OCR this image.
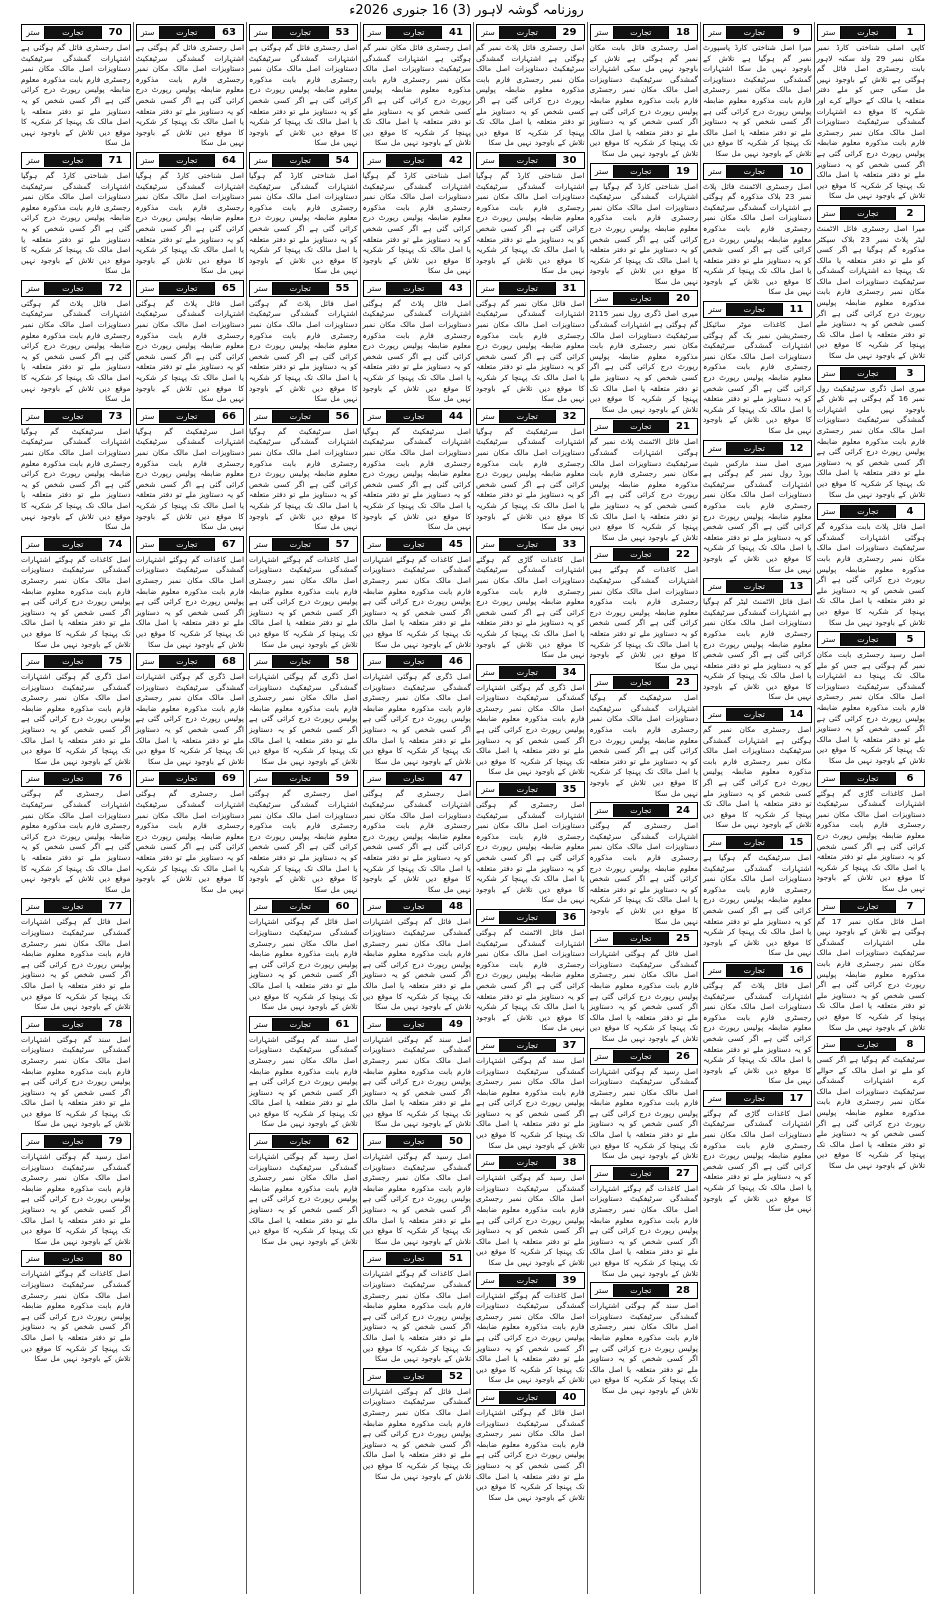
روزنامہ گوشہ لاہور (3) 16 جنوری 2026ء
1
تجارت
ستر
کاپی اصلی شناختی کارڈ نمبر مکان نمبر 29 ولد سکنہ لاہور بابت رجسٹری اصل فائل گم ہوگئی ہے تلاش کے باوجود نہیں مل سکی جس کو ملے دفتر متعلقہ یا مالک کے حوالے کرے اور شکریہ کا موقع دے اشتہارات گمشدگی سرٹیفکیٹ دستاویزات اصل مالک مکان نمبر رجسٹری فارم بابت مذکورہ معلوم ضابطہ پولیس رپورٹ درج کرائی گئی ہے اگر کسی شخص کو یہ دستاویز ملے تو دفتر متعلقہ یا اصل مالک تک پہنچا کر شکریہ کا موقع دیں تلاش کے باوجود نہیں مل سکا
2
تجارت
ستر
میرا اصل رجسٹری فائل الاٹمنٹ لیٹر پلاٹ نمبر 23 بلاک سیکٹر مذکورہ گم ہوگیا ہے اگر کسی کو ملے تو دفتر متعلقہ یا مالک تک پہنچا دے اشتہارات گمشدگی سرٹیفکیٹ دستاویزات اصل مالک مکان نمبر رجسٹری فارم بابت مذکورہ معلوم ضابطہ پولیس رپورٹ درج کرائی گئی ہے اگر کسی شخص کو یہ دستاویز ملے تو دفتر متعلقہ یا اصل مالک تک پہنچا کر شکریہ کا موقع دیں تلاش کے باوجود نہیں مل سکا
3
تجارت
ستر
میری اصل ڈگری سرٹیفکیٹ رول نمبر 16 گم ہوگئی ہے تلاش کے باوجود نہیں ملی اشتہارات گمشدگی سرٹیفکیٹ دستاویزات اصل مالک مکان نمبر رجسٹری فارم بابت مذکورہ معلوم ضابطہ پولیس رپورٹ درج کرائی گئی ہے اگر کسی شخص کو یہ دستاویز ملے تو دفتر متعلقہ یا اصل مالک تک پہنچا کر شکریہ کا موقع دیں تلاش کے باوجود نہیں مل سکا
4
تجارت
ستر
اصل فائل پلاٹ بابت مذکورہ گم ہوگئی اشتہارات گمشدگی سرٹیفکیٹ دستاویزات اصل مالک مکان نمبر رجسٹری فارم بابت مذکورہ معلوم ضابطہ پولیس رپورٹ درج کرائی گئی ہے اگر کسی شخص کو یہ دستاویز ملے تو دفتر متعلقہ یا اصل مالک تک پہنچا کر شکریہ کا موقع دیں تلاش کے باوجود نہیں مل سکا
5
تجارت
ستر
اصل رسید رجسٹری بابت مکان نمبر گم ہوگئی ہے جس کو ملے مالک تک پہنچا دے اشتہارات گمشدگی سرٹیفکیٹ دستاویزات اصل مالک مکان نمبر رجسٹری فارم بابت مذکورہ معلوم ضابطہ پولیس رپورٹ درج کرائی گئی ہے اگر کسی شخص کو یہ دستاویز ملے تو دفتر متعلقہ یا اصل مالک تک پہنچا کر شکریہ کا موقع دیں تلاش کے باوجود نہیں مل سکا
6
تجارت
ستر
اصل کاغذات گاڑی گم ہوگئے اشتہارات گمشدگی سرٹیفکیٹ دستاویزات اصل مالک مکان نمبر رجسٹری فارم بابت مذکورہ معلوم ضابطہ پولیس رپورٹ درج کرائی گئی ہے اگر کسی شخص کو یہ دستاویز ملے تو دفتر متعلقہ یا اصل مالک تک پہنچا کر شکریہ کا موقع دیں تلاش کے باوجود نہیں مل سکا
7
تجارت
ستر
اصل فائل مکان نمبر 17 گم ہوگئی ہے تلاش کے باوجود نہیں ملی اشتہارات گمشدگی سرٹیفکیٹ دستاویزات اصل مالک مکان نمبر رجسٹری فارم بابت مذکورہ معلوم ضابطہ پولیس رپورٹ درج کرائی گئی ہے اگر کسی شخص کو یہ دستاویز ملے تو دفتر متعلقہ یا اصل مالک تک پہنچا کر شکریہ کا موقع دیں تلاش کے باوجود نہیں مل سکا
8
تجارت
ستر
سرٹیفکیٹ گم ہوگیا ہے اگر کسی کو ملے تو اصل مالک کے حوالے کرے اشتہارات گمشدگی سرٹیفکیٹ دستاویزات اصل مالک مکان نمبر رجسٹری فارم بابت مذکورہ معلوم ضابطہ پولیس رپورٹ درج کرائی گئی ہے اگر کسی شخص کو یہ دستاویز ملے تو دفتر متعلقہ یا اصل مالک تک پہنچا کر شکریہ کا موقع دیں تلاش کے باوجود نہیں مل سکا
9
تجارت
ستر
میرا اصل شناختی کارڈ پاسپورٹ نمبر گم ہوگیا ہے تلاش کے باوجود نہیں مل سکا اشتہارات گمشدگی سرٹیفکیٹ دستاویزات اصل مالک مکان نمبر رجسٹری فارم بابت مذکورہ معلوم ضابطہ پولیس رپورٹ درج کرائی گئی ہے اگر کسی شخص کو یہ دستاویز ملے تو دفتر متعلقہ یا اصل مالک تک پہنچا کر شکریہ کا موقع دیں تلاش کے باوجود نہیں مل سکا
10
تجارت
ستر
اصل رجسٹری الاٹمنٹ فائل پلاٹ نمبر 23 بلاک مذکورہ گم ہوگئی ہے اشتہارات گمشدگی سرٹیفکیٹ دستاویزات اصل مالک مکان نمبر رجسٹری فارم بابت مذکورہ معلوم ضابطہ پولیس رپورٹ درج کرائی گئی ہے اگر کسی شخص کو یہ دستاویز ملے تو دفتر متعلقہ یا اصل مالک تک پہنچا کر شکریہ کا موقع دیں تلاش کے باوجود نہیں مل سکا
11
تجارت
ستر
اصل کاغذات موٹر سائیکل رجسٹریشن نمبر بک گم ہوگئی اشتہارات گمشدگی سرٹیفکیٹ دستاویزات اصل مالک مکان نمبر رجسٹری فارم بابت مذکورہ معلوم ضابطہ پولیس رپورٹ درج کرائی گئی ہے اگر کسی شخص کو یہ دستاویز ملے تو دفتر متعلقہ یا اصل مالک تک پہنچا کر شکریہ کا موقع دیں تلاش کے باوجود نہیں مل سکا
12
تجارت
ستر
میری اصل سند مارکس شیٹ بورڈ رول نمبر گم ہوگئی ہے اشتہارات گمشدگی سرٹیفکیٹ دستاویزات اصل مالک مکان نمبر رجسٹری فارم بابت مذکورہ معلوم ضابطہ پولیس رپورٹ درج کرائی گئی ہے اگر کسی شخص کو یہ دستاویز ملے تو دفتر متعلقہ یا اصل مالک تک پہنچا کر شکریہ کا موقع دیں تلاش کے باوجود نہیں مل سکا
13
تجارت
ستر
اصل فائل الاٹمنٹ لیٹر گم ہوگیا ہے اشتہارات گمشدگی سرٹیفکیٹ دستاویزات اصل مالک مکان نمبر رجسٹری فارم بابت مذکورہ معلوم ضابطہ پولیس رپورٹ درج کرائی گئی ہے اگر کسی شخص کو یہ دستاویز ملے تو دفتر متعلقہ یا اصل مالک تک پہنچا کر شکریہ کا موقع دیں تلاش کے باوجود نہیں مل سکا
14
تجارت
ستر
اصل رجسٹری مکان نمبر گم ہوگئی ہے اشتہارات گمشدگی سرٹیفکیٹ دستاویزات اصل مالک مکان نمبر رجسٹری فارم بابت مذکورہ معلوم ضابطہ پولیس رپورٹ درج کرائی گئی ہے اگر کسی شخص کو یہ دستاویز ملے تو دفتر متعلقہ یا اصل مالک تک پہنچا کر شکریہ کا موقع دیں تلاش کے باوجود نہیں مل سکا
15
تجارت
ستر
اصل سرٹیفکیٹ گم ہوگیا ہے اشتہارات گمشدگی سرٹیفکیٹ دستاویزات اصل مالک مکان نمبر رجسٹری فارم بابت مذکورہ معلوم ضابطہ پولیس رپورٹ درج کرائی گئی ہے اگر کسی شخص کو یہ دستاویز ملے تو دفتر متعلقہ یا اصل مالک تک پہنچا کر شکریہ کا موقع دیں تلاش کے باوجود نہیں مل سکا
16
تجارت
ستر
اصل فائل پلاٹ گم ہوگئی اشتہارات گمشدگی سرٹیفکیٹ دستاویزات اصل مالک مکان نمبر رجسٹری فارم بابت مذکورہ معلوم ضابطہ پولیس رپورٹ درج کرائی گئی ہے اگر کسی شخص کو یہ دستاویز ملے تو دفتر متعلقہ یا اصل مالک تک پہنچا کر شکریہ کا موقع دیں تلاش کے باوجود نہیں مل سکا
17
تجارت
ستر
اصل کاغذات گاڑی گم ہوگئے اشتہارات گمشدگی سرٹیفکیٹ دستاویزات اصل مالک مکان نمبر رجسٹری فارم بابت مذکورہ معلوم ضابطہ پولیس رپورٹ درج کرائی گئی ہے اگر کسی شخص کو یہ دستاویز ملے تو دفتر متعلقہ یا اصل مالک تک پہنچا کر شکریہ کا موقع دیں تلاش کے باوجود نہیں مل سکا
18
تجارت
ستر
اصل رجسٹری فائل بابت مکان نمبر گم ہوگئی ہے تلاش کے باوجود نہیں مل سکی اشتہارات گمشدگی سرٹیفکیٹ دستاویزات اصل مالک مکان نمبر رجسٹری فارم بابت مذکورہ معلوم ضابطہ پولیس رپورٹ درج کرائی گئی ہے اگر کسی شخص کو یہ دستاویز ملے تو دفتر متعلقہ یا اصل مالک تک پہنچا کر شکریہ کا موقع دیں تلاش کے باوجود نہیں مل سکا
19
تجارت
ستر
اصل شناختی کارڈ گم ہوگیا ہے اشتہارات گمشدگی سرٹیفکیٹ دستاویزات اصل مالک مکان نمبر رجسٹری فارم بابت مذکورہ معلوم ضابطہ پولیس رپورٹ درج کرائی گئی ہے اگر کسی شخص کو یہ دستاویز ملے تو دفتر متعلقہ یا اصل مالک تک پہنچا کر شکریہ کا موقع دیں تلاش کے باوجود نہیں مل سکا
20
تجارت
ستر
میری اصل ڈگری رول نمبر 2115 گم ہوگئی ہے اشتہارات گمشدگی سرٹیفکیٹ دستاویزات اصل مالک مکان نمبر رجسٹری فارم بابت مذکورہ معلوم ضابطہ پولیس رپورٹ درج کرائی گئی ہے اگر کسی شخص کو یہ دستاویز ملے تو دفتر متعلقہ یا اصل مالک تک پہنچا کر شکریہ کا موقع دیں تلاش کے باوجود نہیں مل سکا
21
تجارت
ستر
اصل فائل الاٹمنٹ پلاٹ نمبر گم ہوگئی اشتہارات گمشدگی سرٹیفکیٹ دستاویزات اصل مالک مکان نمبر رجسٹری فارم بابت مذکورہ معلوم ضابطہ پولیس رپورٹ درج کرائی گئی ہے اگر کسی شخص کو یہ دستاویز ملے تو دفتر متعلقہ یا اصل مالک تک پہنچا کر شکریہ کا موقع دیں تلاش کے باوجود نہیں مل سکا
22
تجارت
ستر
اصل کاغذات گم ہوگئے ہیں اشتہارات گمشدگی سرٹیفکیٹ دستاویزات اصل مالک مکان نمبر رجسٹری فارم بابت مذکورہ معلوم ضابطہ پولیس رپورٹ درج کرائی گئی ہے اگر کسی شخص کو یہ دستاویز ملے تو دفتر متعلقہ یا اصل مالک تک پہنچا کر شکریہ کا موقع دیں تلاش کے باوجود نہیں مل سکا
23
تجارت
ستر
اصل سرٹیفکیٹ گم ہوگیا اشتہارات گمشدگی سرٹیفکیٹ دستاویزات اصل مالک مکان نمبر رجسٹری فارم بابت مذکورہ معلوم ضابطہ پولیس رپورٹ درج کرائی گئی ہے اگر کسی شخص کو یہ دستاویز ملے تو دفتر متعلقہ یا اصل مالک تک پہنچا کر شکریہ کا موقع دیں تلاش کے باوجود نہیں مل سکا
24
تجارت
ستر
اصل رجسٹری گم ہوگئی اشتہارات گمشدگی سرٹیفکیٹ دستاویزات اصل مالک مکان نمبر رجسٹری فارم بابت مذکورہ معلوم ضابطہ پولیس رپورٹ درج کرائی گئی ہے اگر کسی شخص کو یہ دستاویز ملے تو دفتر متعلقہ یا اصل مالک تک پہنچا کر شکریہ کا موقع دیں تلاش کے باوجود نہیں مل سکا
25
تجارت
ستر
اصل فائل گم ہوگئی اشتہارات گمشدگی سرٹیفکیٹ دستاویزات اصل مالک مکان نمبر رجسٹری فارم بابت مذکورہ معلوم ضابطہ پولیس رپورٹ درج کرائی گئی ہے اگر کسی شخص کو یہ دستاویز ملے تو دفتر متعلقہ یا اصل مالک تک پہنچا کر شکریہ کا موقع دیں تلاش کے باوجود نہیں مل سکا
26
تجارت
ستر
اصل رسید گم ہوگئی اشتہارات گمشدگی سرٹیفکیٹ دستاویزات اصل مالک مکان نمبر رجسٹری فارم بابت مذکورہ معلوم ضابطہ پولیس رپورٹ درج کرائی گئی ہے اگر کسی شخص کو یہ دستاویز ملے تو دفتر متعلقہ یا اصل مالک تک پہنچا کر شکریہ کا موقع دیں تلاش کے باوجود نہیں مل سکا
27
تجارت
ستر
اصل کاغذات گم ہوگئے اشتہارات گمشدگی سرٹیفکیٹ دستاویزات اصل مالک مکان نمبر رجسٹری فارم بابت مذکورہ معلوم ضابطہ پولیس رپورٹ درج کرائی گئی ہے اگر کسی شخص کو یہ دستاویز ملے تو دفتر متعلقہ یا اصل مالک تک پہنچا کر شکریہ کا موقع دیں تلاش کے باوجود نہیں مل سکا
28
تجارت
ستر
اصل سند گم ہوگئی اشتہارات گمشدگی سرٹیفکیٹ دستاویزات اصل مالک مکان نمبر رجسٹری فارم بابت مذکورہ معلوم ضابطہ پولیس رپورٹ درج کرائی گئی ہے اگر کسی شخص کو یہ دستاویز ملے تو دفتر متعلقہ یا اصل مالک تک پہنچا کر شکریہ کا موقع دیں تلاش کے باوجود نہیں مل سکا
29
تجارت
ستر
اصل رجسٹری فائل پلاٹ نمبر گم ہوگئی ہے اشتہارات گمشدگی سرٹیفکیٹ دستاویزات اصل مالک مکان نمبر رجسٹری فارم بابت مذکورہ معلوم ضابطہ پولیس رپورٹ درج کرائی گئی ہے اگر کسی شخص کو یہ دستاویز ملے تو دفتر متعلقہ یا اصل مالک تک پہنچا کر شکریہ کا موقع دیں تلاش کے باوجود نہیں مل سکا
30
تجارت
ستر
اصل شناختی کارڈ گم ہوگیا اشتہارات گمشدگی سرٹیفکیٹ دستاویزات اصل مالک مکان نمبر رجسٹری فارم بابت مذکورہ معلوم ضابطہ پولیس رپورٹ درج کرائی گئی ہے اگر کسی شخص کو یہ دستاویز ملے تو دفتر متعلقہ یا اصل مالک تک پہنچا کر شکریہ کا موقع دیں تلاش کے باوجود نہیں مل سکا
31
تجارت
ستر
اصل فائل مکان نمبر گم ہوگئی اشتہارات گمشدگی سرٹیفکیٹ دستاویزات اصل مالک مکان نمبر رجسٹری فارم بابت مذکورہ معلوم ضابطہ پولیس رپورٹ درج کرائی گئی ہے اگر کسی شخص کو یہ دستاویز ملے تو دفتر متعلقہ یا اصل مالک تک پہنچا کر شکریہ کا موقع دیں تلاش کے باوجود نہیں مل سکا
32
تجارت
ستر
اصل سرٹیفکیٹ گم ہوگیا اشتہارات گمشدگی سرٹیفکیٹ دستاویزات اصل مالک مکان نمبر رجسٹری فارم بابت مذکورہ معلوم ضابطہ پولیس رپورٹ درج کرائی گئی ہے اگر کسی شخص کو یہ دستاویز ملے تو دفتر متعلقہ یا اصل مالک تک پہنچا کر شکریہ کا موقع دیں تلاش کے باوجود نہیں مل سکا
33
تجارت
ستر
اصل کاغذات گاڑی گم ہوگئے اشتہارات گمشدگی سرٹیفکیٹ دستاویزات اصل مالک مکان نمبر رجسٹری فارم بابت مذکورہ معلوم ضابطہ پولیس رپورٹ درج کرائی گئی ہے اگر کسی شخص کو یہ دستاویز ملے تو دفتر متعلقہ یا اصل مالک تک پہنچا کر شکریہ کا موقع دیں تلاش کے باوجود نہیں مل سکا
34
تجارت
ستر
اصل ڈگری گم ہوگئی اشتہارات گمشدگی سرٹیفکیٹ دستاویزات اصل مالک مکان نمبر رجسٹری فارم بابت مذکورہ معلوم ضابطہ پولیس رپورٹ درج کرائی گئی ہے اگر کسی شخص کو یہ دستاویز ملے تو دفتر متعلقہ یا اصل مالک تک پہنچا کر شکریہ کا موقع دیں تلاش کے باوجود نہیں مل سکا
35
تجارت
ستر
اصل رجسٹری گم ہوگئی اشتہارات گمشدگی سرٹیفکیٹ دستاویزات اصل مالک مکان نمبر رجسٹری فارم بابت مذکورہ معلوم ضابطہ پولیس رپورٹ درج کرائی گئی ہے اگر کسی شخص کو یہ دستاویز ملے تو دفتر متعلقہ یا اصل مالک تک پہنچا کر شکریہ کا موقع دیں تلاش کے باوجود نہیں مل سکا
36
تجارت
ستر
اصل فائل الاٹمنٹ گم ہوگئی اشتہارات گمشدگی سرٹیفکیٹ دستاویزات اصل مالک مکان نمبر رجسٹری فارم بابت مذکورہ معلوم ضابطہ پولیس رپورٹ درج کرائی گئی ہے اگر کسی شخص کو یہ دستاویز ملے تو دفتر متعلقہ یا اصل مالک تک پہنچا کر شکریہ کا موقع دیں تلاش کے باوجود نہیں مل سکا
37
تجارت
ستر
اصل سند گم ہوگئی اشتہارات گمشدگی سرٹیفکیٹ دستاویزات اصل مالک مکان نمبر رجسٹری فارم بابت مذکورہ معلوم ضابطہ پولیس رپورٹ درج کرائی گئی ہے اگر کسی شخص کو یہ دستاویز ملے تو دفتر متعلقہ یا اصل مالک تک پہنچا کر شکریہ کا موقع دیں تلاش کے باوجود نہیں مل سکا
38
تجارت
ستر
اصل رسید گم ہوگئی اشتہارات گمشدگی سرٹیفکیٹ دستاویزات اصل مالک مکان نمبر رجسٹری فارم بابت مذکورہ معلوم ضابطہ پولیس رپورٹ درج کرائی گئی ہے اگر کسی شخص کو یہ دستاویز ملے تو دفتر متعلقہ یا اصل مالک تک پہنچا کر شکریہ کا موقع دیں تلاش کے باوجود نہیں مل سکا
39
تجارت
ستر
اصل کاغذات گم ہوگئے اشتہارات گمشدگی سرٹیفکیٹ دستاویزات اصل مالک مکان نمبر رجسٹری فارم بابت مذکورہ معلوم ضابطہ پولیس رپورٹ درج کرائی گئی ہے اگر کسی شخص کو یہ دستاویز ملے تو دفتر متعلقہ یا اصل مالک تک پہنچا کر شکریہ کا موقع دیں تلاش کے باوجود نہیں مل سکا
40
تجارت
ستر
اصل فائل گم ہوگئی اشتہارات گمشدگی سرٹیفکیٹ دستاویزات اصل مالک مکان نمبر رجسٹری فارم بابت مذکورہ معلوم ضابطہ پولیس رپورٹ درج کرائی گئی ہے اگر کسی شخص کو یہ دستاویز ملے تو دفتر متعلقہ یا اصل مالک تک پہنچا کر شکریہ کا موقع دیں تلاش کے باوجود نہیں مل سکا
41
تجارت
ستر
اصل رجسٹری فائل مکان نمبر گم ہوگئی ہے اشتہارات گمشدگی سرٹیفکیٹ دستاویزات اصل مالک مکان نمبر رجسٹری فارم بابت مذکورہ معلوم ضابطہ پولیس رپورٹ درج کرائی گئی ہے اگر کسی شخص کو یہ دستاویز ملے تو دفتر متعلقہ یا اصل مالک تک پہنچا کر شکریہ کا موقع دیں تلاش کے باوجود نہیں مل سکا
42
تجارت
ستر
اصل شناختی کارڈ گم ہوگیا اشتہارات گمشدگی سرٹیفکیٹ دستاویزات اصل مالک مکان نمبر رجسٹری فارم بابت مذکورہ معلوم ضابطہ پولیس رپورٹ درج کرائی گئی ہے اگر کسی شخص کو یہ دستاویز ملے تو دفتر متعلقہ یا اصل مالک تک پہنچا کر شکریہ کا موقع دیں تلاش کے باوجود نہیں مل سکا
43
تجارت
ستر
اصل فائل پلاٹ گم ہوگئی اشتہارات گمشدگی سرٹیفکیٹ دستاویزات اصل مالک مکان نمبر رجسٹری فارم بابت مذکورہ معلوم ضابطہ پولیس رپورٹ درج کرائی گئی ہے اگر کسی شخص کو یہ دستاویز ملے تو دفتر متعلقہ یا اصل مالک تک پہنچا کر شکریہ کا موقع دیں تلاش کے باوجود نہیں مل سکا
44
تجارت
ستر
اصل سرٹیفکیٹ گم ہوگیا اشتہارات گمشدگی سرٹیفکیٹ دستاویزات اصل مالک مکان نمبر رجسٹری فارم بابت مذکورہ معلوم ضابطہ پولیس رپورٹ درج کرائی گئی ہے اگر کسی شخص کو یہ دستاویز ملے تو دفتر متعلقہ یا اصل مالک تک پہنچا کر شکریہ کا موقع دیں تلاش کے باوجود نہیں مل سکا
45
تجارت
ستر
اصل کاغذات گم ہوگئے اشتہارات گمشدگی سرٹیفکیٹ دستاویزات اصل مالک مکان نمبر رجسٹری فارم بابت مذکورہ معلوم ضابطہ پولیس رپورٹ درج کرائی گئی ہے اگر کسی شخص کو یہ دستاویز ملے تو دفتر متعلقہ یا اصل مالک تک پہنچا کر شکریہ کا موقع دیں تلاش کے باوجود نہیں مل سکا
46
تجارت
ستر
اصل ڈگری گم ہوگئی اشتہارات گمشدگی سرٹیفکیٹ دستاویزات اصل مالک مکان نمبر رجسٹری فارم بابت مذکورہ معلوم ضابطہ پولیس رپورٹ درج کرائی گئی ہے اگر کسی شخص کو یہ دستاویز ملے تو دفتر متعلقہ یا اصل مالک تک پہنچا کر شکریہ کا موقع دیں تلاش کے باوجود نہیں مل سکا
47
تجارت
ستر
اصل رجسٹری گم ہوگئی اشتہارات گمشدگی سرٹیفکیٹ دستاویزات اصل مالک مکان نمبر رجسٹری فارم بابت مذکورہ معلوم ضابطہ پولیس رپورٹ درج کرائی گئی ہے اگر کسی شخص کو یہ دستاویز ملے تو دفتر متعلقہ یا اصل مالک تک پہنچا کر شکریہ کا موقع دیں تلاش کے باوجود نہیں مل سکا
48
تجارت
ستر
اصل فائل گم ہوگئی اشتہارات گمشدگی سرٹیفکیٹ دستاویزات اصل مالک مکان نمبر رجسٹری فارم بابت مذکورہ معلوم ضابطہ پولیس رپورٹ درج کرائی گئی ہے اگر کسی شخص کو یہ دستاویز ملے تو دفتر متعلقہ یا اصل مالک تک پہنچا کر شکریہ کا موقع دیں تلاش کے باوجود نہیں مل سکا
49
تجارت
ستر
اصل سند گم ہوگئی اشتہارات گمشدگی سرٹیفکیٹ دستاویزات اصل مالک مکان نمبر رجسٹری فارم بابت مذکورہ معلوم ضابطہ پولیس رپورٹ درج کرائی گئی ہے اگر کسی شخص کو یہ دستاویز ملے تو دفتر متعلقہ یا اصل مالک تک پہنچا کر شکریہ کا موقع دیں تلاش کے باوجود نہیں مل سکا
50
تجارت
ستر
اصل رسید گم ہوگئی اشتہارات گمشدگی سرٹیفکیٹ دستاویزات اصل مالک مکان نمبر رجسٹری فارم بابت مذکورہ معلوم ضابطہ پولیس رپورٹ درج کرائی گئی ہے اگر کسی شخص کو یہ دستاویز ملے تو دفتر متعلقہ یا اصل مالک تک پہنچا کر شکریہ کا موقع دیں تلاش کے باوجود نہیں مل سکا
51
تجارت
ستر
اصل کاغذات گم ہوگئے اشتہارات گمشدگی سرٹیفکیٹ دستاویزات اصل مالک مکان نمبر رجسٹری فارم بابت مذکورہ معلوم ضابطہ پولیس رپورٹ درج کرائی گئی ہے اگر کسی شخص کو یہ دستاویز ملے تو دفتر متعلقہ یا اصل مالک تک پہنچا کر شکریہ کا موقع دیں تلاش کے باوجود نہیں مل سکا
52
تجارت
ستر
اصل فائل گم ہوگئی اشتہارات گمشدگی سرٹیفکیٹ دستاویزات اصل مالک مکان نمبر رجسٹری فارم بابت مذکورہ معلوم ضابطہ پولیس رپورٹ درج کرائی گئی ہے اگر کسی شخص کو یہ دستاویز ملے تو دفتر متعلقہ یا اصل مالک تک پہنچا کر شکریہ کا موقع دیں تلاش کے باوجود نہیں مل سکا
53
تجارت
ستر
اصل رجسٹری فائل گم ہوگئی ہے اشتہارات گمشدگی سرٹیفکیٹ دستاویزات اصل مالک مکان نمبر رجسٹری فارم بابت مذکورہ معلوم ضابطہ پولیس رپورٹ درج کرائی گئی ہے اگر کسی شخص کو یہ دستاویز ملے تو دفتر متعلقہ یا اصل مالک تک پہنچا کر شکریہ کا موقع دیں تلاش کے باوجود نہیں مل سکا
54
تجارت
ستر
اصل شناختی کارڈ گم ہوگیا اشتہارات گمشدگی سرٹیفکیٹ دستاویزات اصل مالک مکان نمبر رجسٹری فارم بابت مذکورہ معلوم ضابطہ پولیس رپورٹ درج کرائی گئی ہے اگر کسی شخص کو یہ دستاویز ملے تو دفتر متعلقہ یا اصل مالک تک پہنچا کر شکریہ کا موقع دیں تلاش کے باوجود نہیں مل سکا
55
تجارت
ستر
اصل فائل پلاٹ گم ہوگئی اشتہارات گمشدگی سرٹیفکیٹ دستاویزات اصل مالک مکان نمبر رجسٹری فارم بابت مذکورہ معلوم ضابطہ پولیس رپورٹ درج کرائی گئی ہے اگر کسی شخص کو یہ دستاویز ملے تو دفتر متعلقہ یا اصل مالک تک پہنچا کر شکریہ کا موقع دیں تلاش کے باوجود نہیں مل سکا
56
تجارت
ستر
اصل سرٹیفکیٹ گم ہوگیا اشتہارات گمشدگی سرٹیفکیٹ دستاویزات اصل مالک مکان نمبر رجسٹری فارم بابت مذکورہ معلوم ضابطہ پولیس رپورٹ درج کرائی گئی ہے اگر کسی شخص کو یہ دستاویز ملے تو دفتر متعلقہ یا اصل مالک تک پہنچا کر شکریہ کا موقع دیں تلاش کے باوجود نہیں مل سکا
57
تجارت
ستر
اصل کاغذات گم ہوگئے اشتہارات گمشدگی سرٹیفکیٹ دستاویزات اصل مالک مکان نمبر رجسٹری فارم بابت مذکورہ معلوم ضابطہ پولیس رپورٹ درج کرائی گئی ہے اگر کسی شخص کو یہ دستاویز ملے تو دفتر متعلقہ یا اصل مالک تک پہنچا کر شکریہ کا موقع دیں تلاش کے باوجود نہیں مل سکا
58
تجارت
ستر
اصل ڈگری گم ہوگئی اشتہارات گمشدگی سرٹیفکیٹ دستاویزات اصل مالک مکان نمبر رجسٹری فارم بابت مذکورہ معلوم ضابطہ پولیس رپورٹ درج کرائی گئی ہے اگر کسی شخص کو یہ دستاویز ملے تو دفتر متعلقہ یا اصل مالک تک پہنچا کر شکریہ کا موقع دیں تلاش کے باوجود نہیں مل سکا
59
تجارت
ستر
اصل رجسٹری گم ہوگئی اشتہارات گمشدگی سرٹیفکیٹ دستاویزات اصل مالک مکان نمبر رجسٹری فارم بابت مذکورہ معلوم ضابطہ پولیس رپورٹ درج کرائی گئی ہے اگر کسی شخص کو یہ دستاویز ملے تو دفتر متعلقہ یا اصل مالک تک پہنچا کر شکریہ کا موقع دیں تلاش کے باوجود نہیں مل سکا
60
تجارت
ستر
اصل فائل گم ہوگئی اشتہارات گمشدگی سرٹیفکیٹ دستاویزات اصل مالک مکان نمبر رجسٹری فارم بابت مذکورہ معلوم ضابطہ پولیس رپورٹ درج کرائی گئی ہے اگر کسی شخص کو یہ دستاویز ملے تو دفتر متعلقہ یا اصل مالک تک پہنچا کر شکریہ کا موقع دیں تلاش کے باوجود نہیں مل سکا
61
تجارت
ستر
اصل سند گم ہوگئی اشتہارات گمشدگی سرٹیفکیٹ دستاویزات اصل مالک مکان نمبر رجسٹری فارم بابت مذکورہ معلوم ضابطہ پولیس رپورٹ درج کرائی گئی ہے اگر کسی شخص کو یہ دستاویز ملے تو دفتر متعلقہ یا اصل مالک تک پہنچا کر شکریہ کا موقع دیں تلاش کے باوجود نہیں مل سکا
62
تجارت
ستر
اصل رسید گم ہوگئی اشتہارات گمشدگی سرٹیفکیٹ دستاویزات اصل مالک مکان نمبر رجسٹری فارم بابت مذکورہ معلوم ضابطہ پولیس رپورٹ درج کرائی گئی ہے اگر کسی شخص کو یہ دستاویز ملے تو دفتر متعلقہ یا اصل مالک تک پہنچا کر شکریہ کا موقع دیں تلاش کے باوجود نہیں مل سکا
63
تجارت
ستر
اصل رجسٹری فائل گم ہوگئی ہے اشتہارات گمشدگی سرٹیفکیٹ دستاویزات اصل مالک مکان نمبر رجسٹری فارم بابت مذکورہ معلوم ضابطہ پولیس رپورٹ درج کرائی گئی ہے اگر کسی شخص کو یہ دستاویز ملے تو دفتر متعلقہ یا اصل مالک تک پہنچا کر شکریہ کا موقع دیں تلاش کے باوجود نہیں مل سکا
64
تجارت
ستر
اصل شناختی کارڈ گم ہوگیا اشتہارات گمشدگی سرٹیفکیٹ دستاویزات اصل مالک مکان نمبر رجسٹری فارم بابت مذکورہ معلوم ضابطہ پولیس رپورٹ درج کرائی گئی ہے اگر کسی شخص کو یہ دستاویز ملے تو دفتر متعلقہ یا اصل مالک تک پہنچا کر شکریہ کا موقع دیں تلاش کے باوجود نہیں مل سکا
65
تجارت
ستر
اصل فائل پلاٹ گم ہوگئی اشتہارات گمشدگی سرٹیفکیٹ دستاویزات اصل مالک مکان نمبر رجسٹری فارم بابت مذکورہ معلوم ضابطہ پولیس رپورٹ درج کرائی گئی ہے اگر کسی شخص کو یہ دستاویز ملے تو دفتر متعلقہ یا اصل مالک تک پہنچا کر شکریہ کا موقع دیں تلاش کے باوجود نہیں مل سکا
66
تجارت
ستر
اصل سرٹیفکیٹ گم ہوگیا اشتہارات گمشدگی سرٹیفکیٹ دستاویزات اصل مالک مکان نمبر رجسٹری فارم بابت مذکورہ معلوم ضابطہ پولیس رپورٹ درج کرائی گئی ہے اگر کسی شخص کو یہ دستاویز ملے تو دفتر متعلقہ یا اصل مالک تک پہنچا کر شکریہ کا موقع دیں تلاش کے باوجود نہیں مل سکا
67
تجارت
ستر
اصل کاغذات گم ہوگئے اشتہارات گمشدگی سرٹیفکیٹ دستاویزات اصل مالک مکان نمبر رجسٹری فارم بابت مذکورہ معلوم ضابطہ پولیس رپورٹ درج کرائی گئی ہے اگر کسی شخص کو یہ دستاویز ملے تو دفتر متعلقہ یا اصل مالک تک پہنچا کر شکریہ کا موقع دیں تلاش کے باوجود نہیں مل سکا
68
تجارت
ستر
اصل ڈگری گم ہوگئی اشتہارات گمشدگی سرٹیفکیٹ دستاویزات اصل مالک مکان نمبر رجسٹری فارم بابت مذکورہ معلوم ضابطہ پولیس رپورٹ درج کرائی گئی ہے اگر کسی شخص کو یہ دستاویز ملے تو دفتر متعلقہ یا اصل مالک تک پہنچا کر شکریہ کا موقع دیں تلاش کے باوجود نہیں مل سکا
69
تجارت
ستر
اصل رجسٹری گم ہوگئی اشتہارات گمشدگی سرٹیفکیٹ دستاویزات اصل مالک مکان نمبر رجسٹری فارم بابت مذکورہ معلوم ضابطہ پولیس رپورٹ درج کرائی گئی ہے اگر کسی شخص کو یہ دستاویز ملے تو دفتر متعلقہ یا اصل مالک تک پہنچا کر شکریہ کا موقع دیں تلاش کے باوجود نہیں مل سکا
70
تجارت
ستر
اصل رجسٹری فائل گم ہوگئی ہے اشتہارات گمشدگی سرٹیفکیٹ دستاویزات اصل مالک مکان نمبر رجسٹری فارم بابت مذکورہ معلوم ضابطہ پولیس رپورٹ درج کرائی گئی ہے اگر کسی شخص کو یہ دستاویز ملے تو دفتر متعلقہ یا اصل مالک تک پہنچا کر شکریہ کا موقع دیں تلاش کے باوجود نہیں مل سکا
71
تجارت
ستر
اصل شناختی کارڈ گم ہوگیا اشتہارات گمشدگی سرٹیفکیٹ دستاویزات اصل مالک مکان نمبر رجسٹری فارم بابت مذکورہ معلوم ضابطہ پولیس رپورٹ درج کرائی گئی ہے اگر کسی شخص کو یہ دستاویز ملے تو دفتر متعلقہ یا اصل مالک تک پہنچا کر شکریہ کا موقع دیں تلاش کے باوجود نہیں مل سکا
72
تجارت
ستر
اصل فائل پلاٹ گم ہوگئی اشتہارات گمشدگی سرٹیفکیٹ دستاویزات اصل مالک مکان نمبر رجسٹری فارم بابت مذکورہ معلوم ضابطہ پولیس رپورٹ درج کرائی گئی ہے اگر کسی شخص کو یہ دستاویز ملے تو دفتر متعلقہ یا اصل مالک تک پہنچا کر شکریہ کا موقع دیں تلاش کے باوجود نہیں مل سکا
73
تجارت
ستر
اصل سرٹیفکیٹ گم ہوگیا اشتہارات گمشدگی سرٹیفکیٹ دستاویزات اصل مالک مکان نمبر رجسٹری فارم بابت مذکورہ معلوم ضابطہ پولیس رپورٹ درج کرائی گئی ہے اگر کسی شخص کو یہ دستاویز ملے تو دفتر متعلقہ یا اصل مالک تک پہنچا کر شکریہ کا موقع دیں تلاش کے باوجود نہیں مل سکا
74
تجارت
ستر
اصل کاغذات گم ہوگئے اشتہارات گمشدگی سرٹیفکیٹ دستاویزات اصل مالک مکان نمبر رجسٹری فارم بابت مذکورہ معلوم ضابطہ پولیس رپورٹ درج کرائی گئی ہے اگر کسی شخص کو یہ دستاویز ملے تو دفتر متعلقہ یا اصل مالک تک پہنچا کر شکریہ کا موقع دیں تلاش کے باوجود نہیں مل سکا
75
تجارت
ستر
اصل ڈگری گم ہوگئی اشتہارات گمشدگی سرٹیفکیٹ دستاویزات اصل مالک مکان نمبر رجسٹری فارم بابت مذکورہ معلوم ضابطہ پولیس رپورٹ درج کرائی گئی ہے اگر کسی شخص کو یہ دستاویز ملے تو دفتر متعلقہ یا اصل مالک تک پہنچا کر شکریہ کا موقع دیں تلاش کے باوجود نہیں مل سکا
76
تجارت
ستر
اصل رجسٹری گم ہوگئی اشتہارات گمشدگی سرٹیفکیٹ دستاویزات اصل مالک مکان نمبر رجسٹری فارم بابت مذکورہ معلوم ضابطہ پولیس رپورٹ درج کرائی گئی ہے اگر کسی شخص کو یہ دستاویز ملے تو دفتر متعلقہ یا اصل مالک تک پہنچا کر شکریہ کا موقع دیں تلاش کے باوجود نہیں مل سکا
77
تجارت
ستر
اصل فائل گم ہوگئی اشتہارات گمشدگی سرٹیفکیٹ دستاویزات اصل مالک مکان نمبر رجسٹری فارم بابت مذکورہ معلوم ضابطہ پولیس رپورٹ درج کرائی گئی ہے اگر کسی شخص کو یہ دستاویز ملے تو دفتر متعلقہ یا اصل مالک تک پہنچا کر شکریہ کا موقع دیں تلاش کے باوجود نہیں مل سکا
78
تجارت
ستر
اصل سند گم ہوگئی اشتہارات گمشدگی سرٹیفکیٹ دستاویزات اصل مالک مکان نمبر رجسٹری فارم بابت مذکورہ معلوم ضابطہ پولیس رپورٹ درج کرائی گئی ہے اگر کسی شخص کو یہ دستاویز ملے تو دفتر متعلقہ یا اصل مالک تک پہنچا کر شکریہ کا موقع دیں تلاش کے باوجود نہیں مل سکا
79
تجارت
ستر
اصل رسید گم ہوگئی اشتہارات گمشدگی سرٹیفکیٹ دستاویزات اصل مالک مکان نمبر رجسٹری فارم بابت مذکورہ معلوم ضابطہ پولیس رپورٹ درج کرائی گئی ہے اگر کسی شخص کو یہ دستاویز ملے تو دفتر متعلقہ یا اصل مالک تک پہنچا کر شکریہ کا موقع دیں تلاش کے باوجود نہیں مل سکا
80
تجارت
ستر
اصل کاغذات گم ہوگئے اشتہارات گمشدگی سرٹیفکیٹ دستاویزات اصل مالک مکان نمبر رجسٹری فارم بابت مذکورہ معلوم ضابطہ پولیس رپورٹ درج کرائی گئی ہے اگر کسی شخص کو یہ دستاویز ملے تو دفتر متعلقہ یا اصل مالک تک پہنچا کر شکریہ کا موقع دیں تلاش کے باوجود نہیں مل سکا
